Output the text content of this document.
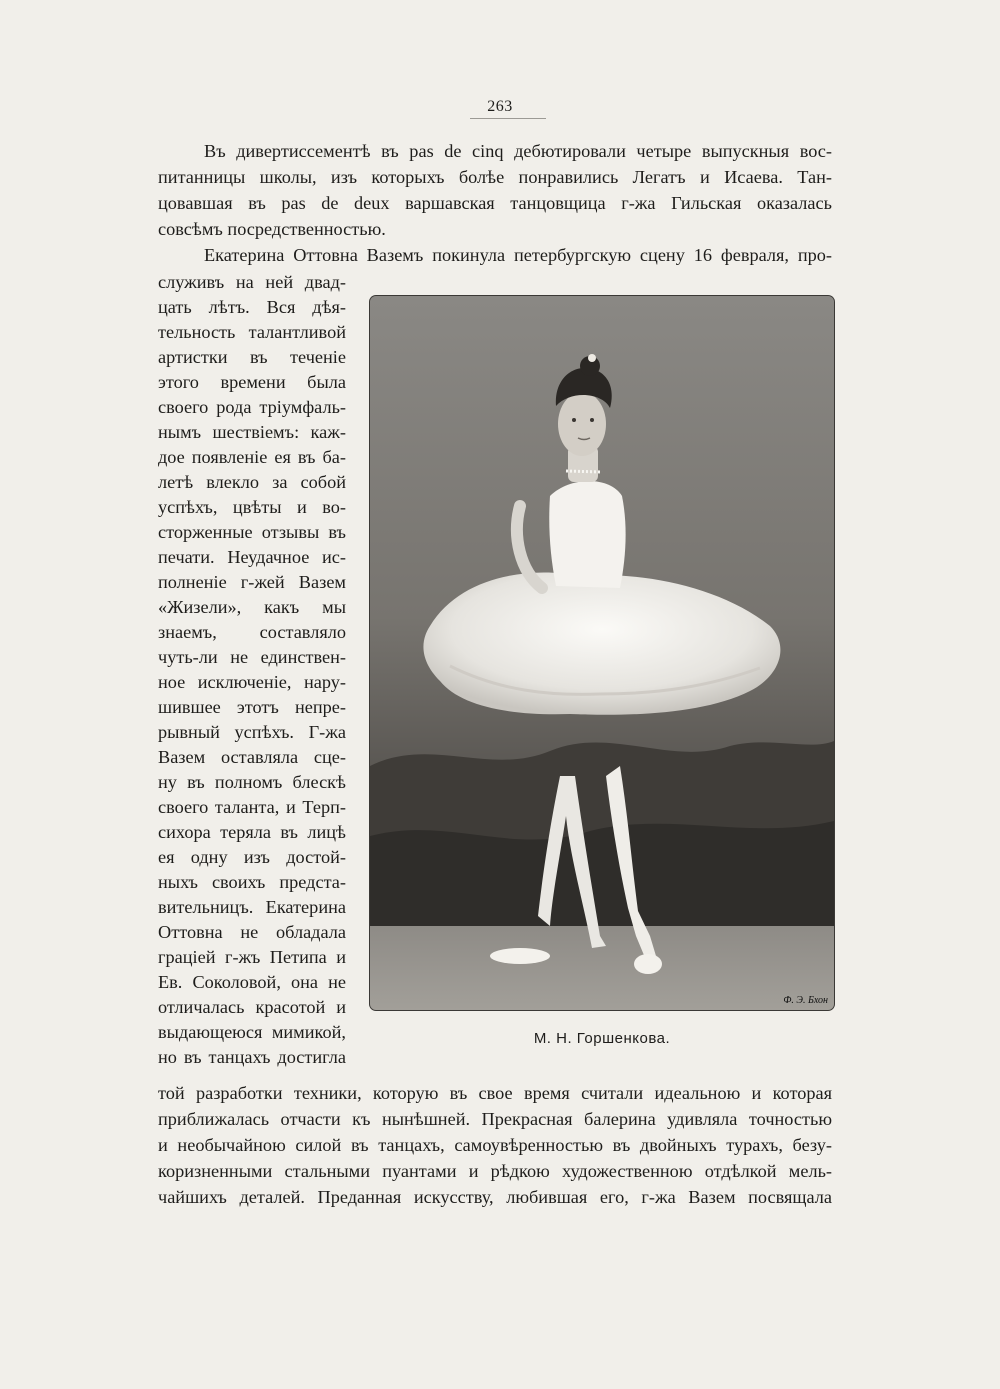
263
Въ дивертиссементѣ въ pas de cinq дебютировали четыре выпускныя вос-
питанницы школы, изъ которыхъ болѣе понравились Легатъ и Исаева. Тан-
цовавшая въ pas de deux варшавская танцовщица г-жа Гильская оказалась
совсѣмъ посредственностью.
Екатерина Оттовна Ваземъ покинула петербургскую сцену 16 февраля, про-
служивъ на ней двад-
цать лѣтъ. Вся дѣя-
тельность талантливой
артистки въ теченіе
этого времени была
своего рода тріумфаль-
нымъ шествіемъ: каж-
дое появленіе ея въ ба-
летѣ влекло за собой
успѣхъ, цвѣты и во-
сторженные отзывы въ
печати. Неудачное ис-
полненіе г-жей Вазем
«Жизели», какъ мы
знаемъ, составляло
чуть-ли не единствен-
ное исключеніе, нару-
шившее этотъ непре-
рывный успѣхъ. Г-жа
Вазем оставляла сце-
ну въ полномъ блескѣ
своего таланта, и Терп-
сихора теряла въ лицѣ
ея одну изъ достой-
ныхъ своихъ предста-
вительницъ. Екатерина
Оттовна не обладала
граціей г-жъ Петипа и
Ев. Соколовой, она не
отличалась красотой и
выдающеюся мимикой,
но въ танцахъ достигла
Ф. Э. Бхон
М. Н. Горшенкова.
той разработки техники, которую въ свое время считали идеальною и которая
приближалась отчасти къ нынѣшней. Прекрасная балерина удивляла точностью
и необычайною силой въ танцахъ, самоувѣренностью въ двойныхъ турахъ, безу-
коризненными стальными пуантами и рѣдкою художественною отдѣлкой мель-
чайшихъ деталей. Преданная искусству, любившая его, г-жа Вазем посвящала
